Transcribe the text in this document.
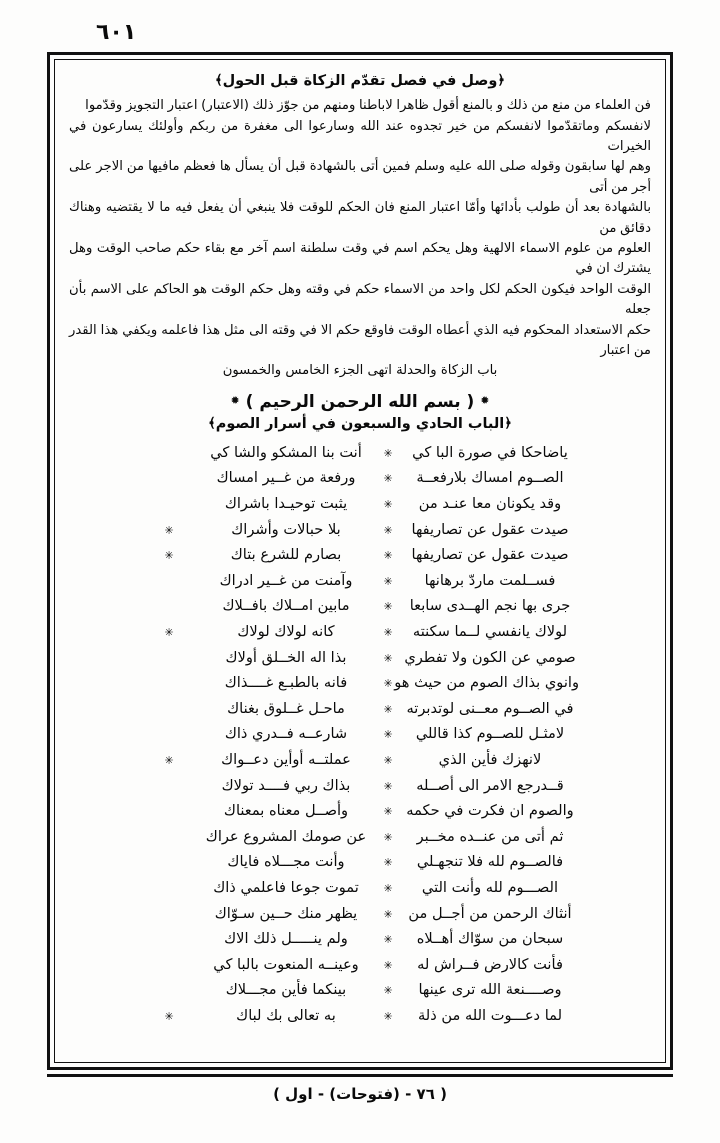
٦٠١
﴿وصل في فصل تقدّم الزكاة قبل الحول﴾

فن العلماء من منع من ذلك و بالمنع أقول ظاهرا لاباطنا ومنهم من جوّز ذلك (الاعتبار) اعتبار التجويز وقدّموا

لانفسكم وماتقدّموا لانفسكم من خير تجدوه عند الله وسارعوا الى مغفرة من ربكم وأولئك يسارعون في الخيرات

وهم لها سابقون وقوله صلى الله عليه وسلم فمين أتى بالشهادة قبل أن يسأل ها فعظم مافيها من الاجر على أجر من أتى

بالشهادة بعد أن طولب بأدائها وأمّا اعتبار المنع فان الحكم للوقت فلا ينبغي أن يفعل فيه ما لا يقتضيه وهناك دقائق من

العلوم من علوم الاسماء الالهية وهل يحكم اسم في وقت سلطنة اسم آخر مع بقاء حكم صاحب الوقت وهل يشترك ان في

الوقت الواحد فيكون الحكم لكل واحد من الاسماء حكم في وقته وهل حكم الوقت هو الحاكم على الاسم بأن جعله

حكم الاستعداد المحكوم فيه الذي أعطاه الوقت فاوقع حكم الا في وقته الى مثل هذا فاعلمه ويكفي هذا القدر من اعتبار

باب الزكاة والحدلة اتهى الجزء الخامس والخمسون
✹ ( بسم الله الرحمن الرحيم ) ✹
﴿الباب الحادي والسبعون في أسرار الصوم﴾
ياضاحكا في صورة البا كي
✳
أنت بنا المشكو والشا كي
الصــوم امساك بلارفعــة
✳
ورفعة من غــير امساك
وقد يكونان معا عنـد من
✳
يثبت توحيـدا باشراك
صيدت عقول عن تصاريفها
✳
بلا حبالات وأشراك
✳
صيدت عقول عن تصاريفها
✳
بصارم للشرع بتاك
✳
فســلمت ماردّ برهانها
✳
وآمنت من غــير ادراك
جرى بها نجم الهــدى سابعا
✳
مابين امــلاك بافــلاك
لولاك يانفسي لــما سكنته
✳
كانه لولاك لولاك
✳
صومي عن الكون ولا تفطري
✳
بذا اله الخــلق أولاك
وانوي بذاك الصوم من حيث هو
✳
فانه بالطبـع غــــذاك
في الصــوم معــنى لوتدبرته
✳
ماحـل غــلوق بغناك
لامثـل للصــوم كذا قاللي
✳
شارعــه فــدري ذاك
لانهزك فأين الذي
✳
عملتــه أوأين دعــواك
✳
قــدرجع الامر الى أصــله
✳
بذاك ربي فــــد تولاك
والصوم ان فكرت في حكمه
✳
وأصــل معناه بمعناك
ثم أتى من عنــده مخــبر
✳
عن صومك المشروع عراك
فالصــوم لله فلا تنجهـلي
✳
وأنت مجـــلاه فاياك
الصـــوم لله وأنت التي
✳
تموت جوعا فاعلمي ذاك
أنثاك الرحمن من أجــل من
✳
يظهر منك حــين سـوّاك
سبحان من سوّاك أهــلاه
✳
ولم ينـــــل ذلك الاك
فأنت كالارض فــراش له
✳
وعينــه المنعوت بالبا كي
وصــــنعة الله ترى عينها
✳
بينكما فأين مجـــلاك
لما دعـــوت الله من ذلة
✳
به تعالى بك لباك
✳
( ٧٦ - (فتوحات) - اول )
